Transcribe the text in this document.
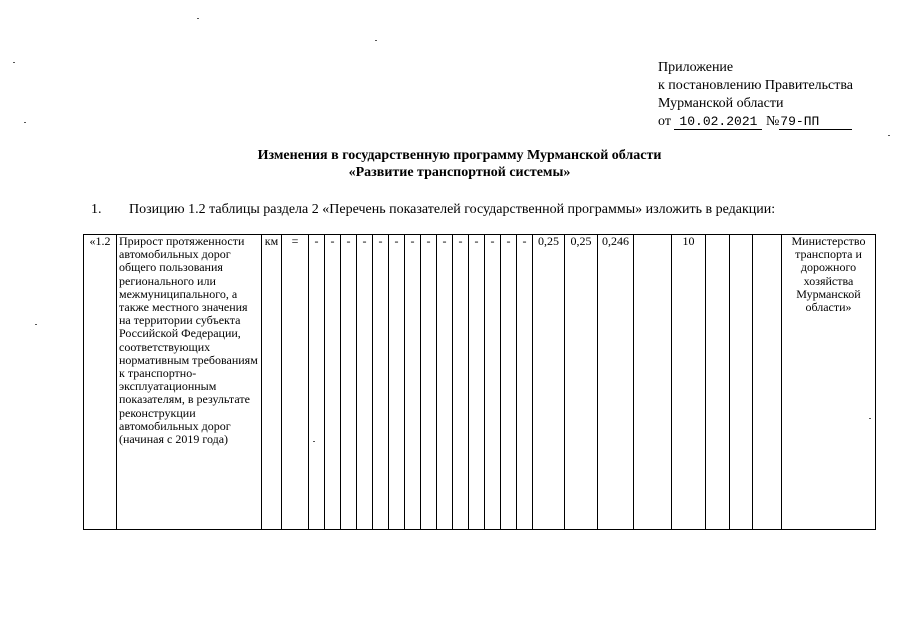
Приложение
к постановлению Правительства
Мурманской области
от 10.02.2021 №79-ПП
Изменения в государственную программу Мурманской области
«Развитие транспортной системы»
1. Позицию 1.2 таблицы раздела 2 «Перечень показателей государственной программы» изложить в редакции:
«1.2	Прирост протяженности автомобильных дорог общего пользования регионального или межмуниципального, а также местного значения на территории субъекта Российской Федерации, соответствующих нормативным требованиям к транспортно-эксплуатационным показателям, в результате реконструкции автомобильных дорог (начиная с 2019 года)	км	=	-	-	-	-	-	-	-	-	-	-	-	-	-	-	0,25	0,25	0,246		10				Министерство транспорта и дорожного хозяйства Мурманской области»
